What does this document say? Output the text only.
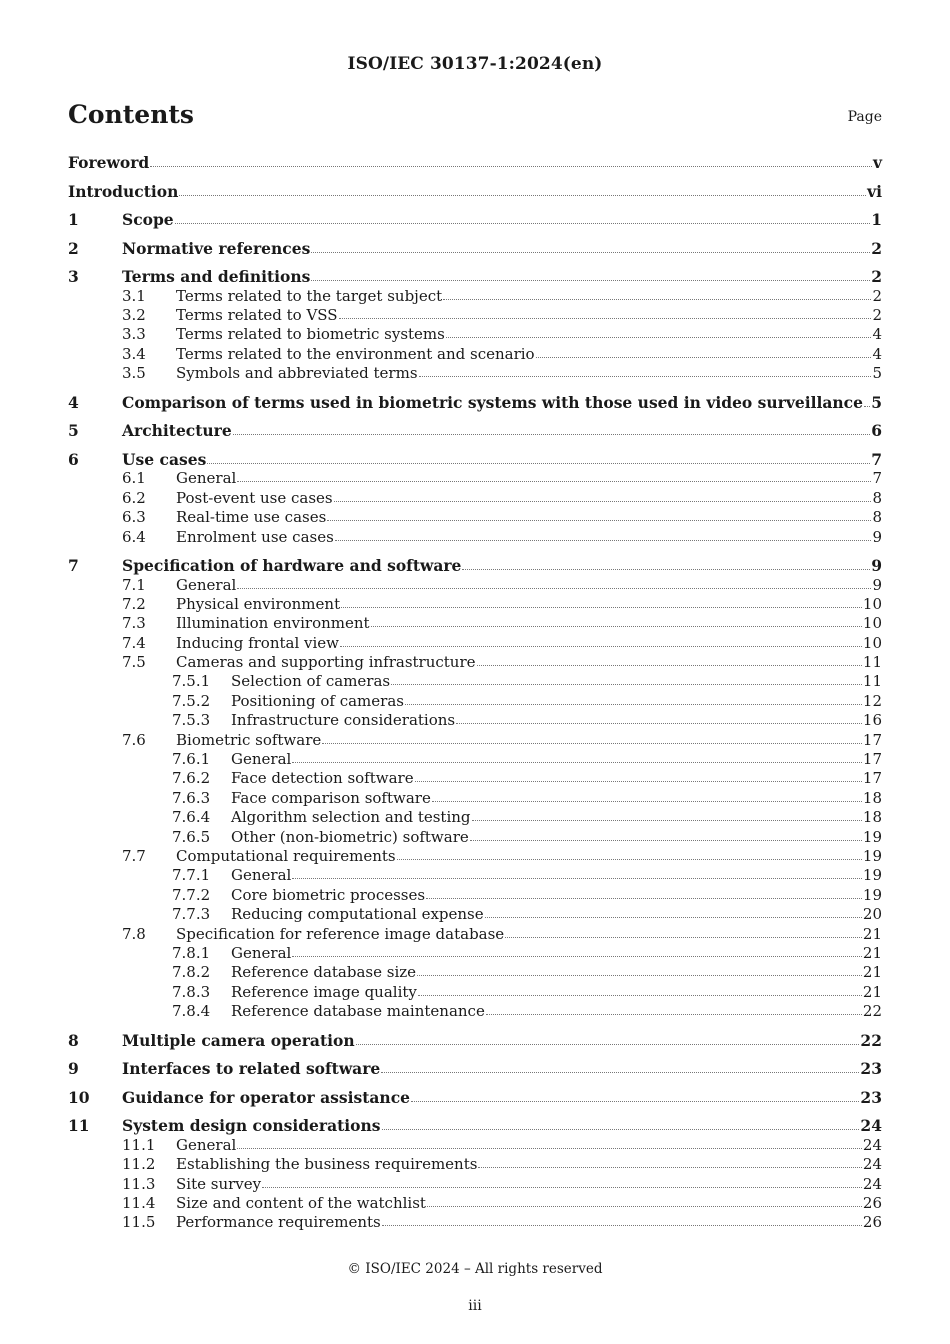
ISO/IEC 30137-1:2024(en)
Contents	Page
Foreword	v
Introduction	vi
1	Scope	1
2	Normative references	2
3	Terms and definitions	2
3.1	Terms related to the target subject	2
3.2	Terms related to VSS	2
3.3	Terms related to biometric systems	4
3.4	Terms related to the environment and scenario	4
3.5	Symbols and abbreviated terms	5
4	Comparison of terms used in biometric systems with those used in video surveillance 5
5	Architecture	6
6	Use cases	7
6.1	General	7
6.2	Post-event use cases	8
6.3	Real-time use cases	8
6.4	Enrolment use cases	9
7	Specification of hardware and software	9
7.1	General	9
7.2	Physical environment	10
7.3	Illumination environment	10
7.4	Inducing frontal view	10
7.5	Cameras and supporting infrastructure	11
7.5.1	Selection of cameras	11
7.5.2	Positioning of cameras	12
7.5.3	Infrastructure considerations	16
7.6	Biometric software	17
7.6.1	General	17
7.6.2	Face detection software	17
7.6.3	Face comparison software	18
7.6.4	Algorithm selection and testing	18
7.6.5	Other (non-biometric) software	19
7.7	Computational requirements	19
7.7.1	General	19
7.7.2	Core biometric processes	19
7.7.3	Reducing computational expense	20
7.8	Specification for reference image database	21
7.8.1	General	21
7.8.2	Reference database size	21
7.8.3	Reference image quality	21
7.8.4	Reference database maintenance	22
8	Multiple camera operation	22
9	Interfaces to related software	23
10	Guidance for operator assistance	23
11	System design considerations	24
11.1	General	24
11.2	Establishing the business requirements	24
11.3	Site survey	24
11.4	Size and content of the watchlist	26
11.5	Performance requirements	26
© ISO/IEC 2024 – All rights reserved
iii
